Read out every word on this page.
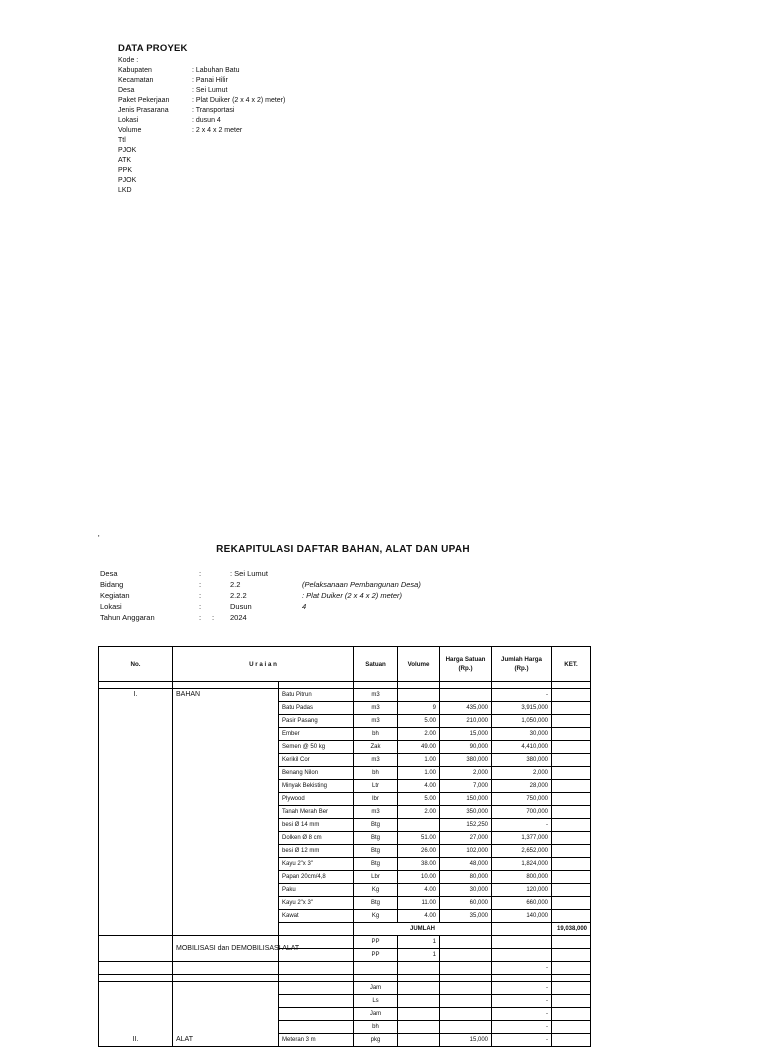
DATA PROYEK
Kode :
Kabupaten	: Labuhan Batu
Kecamatan	: Panai Hilir
Desa	: Sei Lumut
Paket Pekerjaan	: Plat Duiker (2 x 4 x 2) meter)
Jenis Prasarana	: Transportasi
Lokasi	: dusun 4
Volume	: 2 x 4 x 2 meter
Ttl
PJOK
ATK
PPK
PJOK
LKD
'
REKAPITULASI DAFTAR BAHAN, ALAT DAN UPAH
Desa	:	: Sei Lumut
Bidang	:	2.2	(Pelaksanaan Pembangunan Desa)
Kegiatan	:	2.2.2	: Plat Duiker (2 x 4 x 2) meter)
Lokasi	:	Dusun	4
Tahun Anggaran	:	:	2024
No.	U r a i a n		Satuan	Volume	Harga Satuan (Rp.)	Jumlah Harga (Rp.)	KET.	

I.	BAHAN	Batu Pitrun	m3			-		
		Batu Padas	m3	9	435,000	3,915,000		
		Pasir Pasang	m3	5.00	210,000	1,050,000		
		Ember	bh	2.00	15,000	30,000		
		Semen @ 50 kg	Zak	49.00	90,000	4,410,000		
		Kerikil Cor	m3	1.00	380,000	380,000		
		Benang Nilon	bh	1.00	2,000	2,000		
		Minyak Bekisting	Ltr	4.00	7,000	28,000		
		Plywood	lbr	5.00	150,000	750,000		
		Tanah Merah Ber	m3	2.00	350,000	700,000		
		besi Ø 14 mm	Btg		152,250	-		
		Dolken Ø 8 cm	Btg	51.00	27,000	1,377,000		
		besi Ø 12 mm	Btg	26.00	102,000	2,652,000		
		Kayu 2"x 3"	Btg	38.00	48,000	1,824,000		
		Papan 20cm/4,8	Lbr	10.00	80,000	800,000		
		Paku	Kg	4.00	30,000	120,000		
		Kayu 2"x 3"	Btg	11.00	60,000	660,000		
		Kawat	Kg	4.00	35,000	140,000		
			JUMLAH				19,038,000	
	MOBILISASI dan DEMOBILISASI ALAT		PP	1				
			PP	1				
						-		

II.	ALAT		Jam			-		
			Ls			-		
			Jam			-		
			bh			-		
		Meteran 3 m	pkg		15,000	-		
